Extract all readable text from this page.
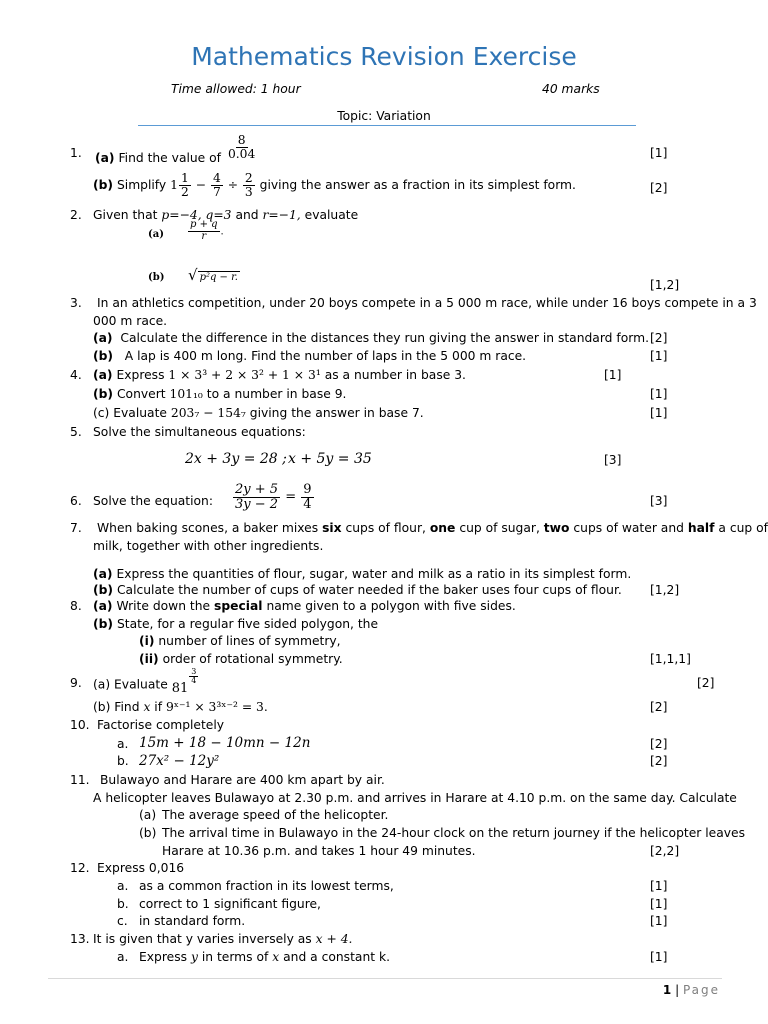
Mathematics Revision Exercise
Time allowed: 1 hour	40 marks
Topic: Variation
1. (a) Find the value of $\frac{8}{0.04}$	[1]
(b) Simplify $1 \frac{1}{2} - \frac{4}{7} \div \frac{2}{3}$ giving the answer as a fraction in its simplest form.	[2]
2. Given that p=−4, q=3 and r=−1, evaluate
$(a) \frac{p + q}{r}$ .
(b) √ p²q − r.
[1,2]
3. In an athletics competition, under 20 boys compete in a 5 000 m race, while under 16 boys compete in a 3
000 m race.
(a) Calculate the difference in the distances they run giving the answer in standard form. [2]
(b) A lap is 400 m long. Find the number of laps in the 5 000 m race.	[1]
4. (a) Express 1 × 3³ + 2 × 3² + 1 × 3¹ as a number in base 3.	[1]
(b) Convert 101₁₀ to a number in base 9.	[1]
(c) Evaluate 203₇ − 154₇ giving the answer in base 7.	[1]
5. Solve the simultaneous equations:
2x + 3y = 28 ; x + 5y = 35	[3]
6. Solve the equation: $\frac{2y + 5}{3y - 2} = \frac{9}{4}$	[3]
7. When baking scones, a baker mixes six cups of flour, one cup of sugar, two cups of water and half a cup of
milk, together with other ingredients.
(a) Express the quantities of flour, sugar, water and milk as a ratio in its simplest form.
(b) Calculate the number of cups of water needed if the baker uses four cups of flour. [1,2]
8. (a) Write down the special name given to a polygon with five sides.
(b) State, for a regular five sided polygon, the
(i) number of lines of symmetry,
(ii) order of rotational symmetry.	[1,1,1]
9. (a) Evaluate 81
$\frac{3}{4}$	[2]
(b) Find x if 9ˣ⁻¹ × 3³ˣ⁻² = 3.	[2]
10. Factorise completely
a. 15m + 18 − 10mn − 12n	[2]
b. 27x² − 12y²	[2]
11. Bulawayo and Harare are 400 km apart by air.
A helicopter leaves Bulawayo at 2.30 p.m. and arrives in Harare at 4.10 p.m. on the same day. Calculate
(a) The average speed of the helicopter.
(b) The arrival time in Bulawayo in the 24-hour clock on the return journey if the helicopter leaves
Harare at 10.36 p.m. and takes 1 hour 49 minutes.	[2,2]
12. Express 0,016
a. as a common fraction in its lowest terms,	[1]
b. correct to 1 significant figure,	[1]
c. in standard form.	[1]
13. It is given that y varies inversely as x + 4.
a. Express y in terms of x and a constant k.	[1]
1 | Page
